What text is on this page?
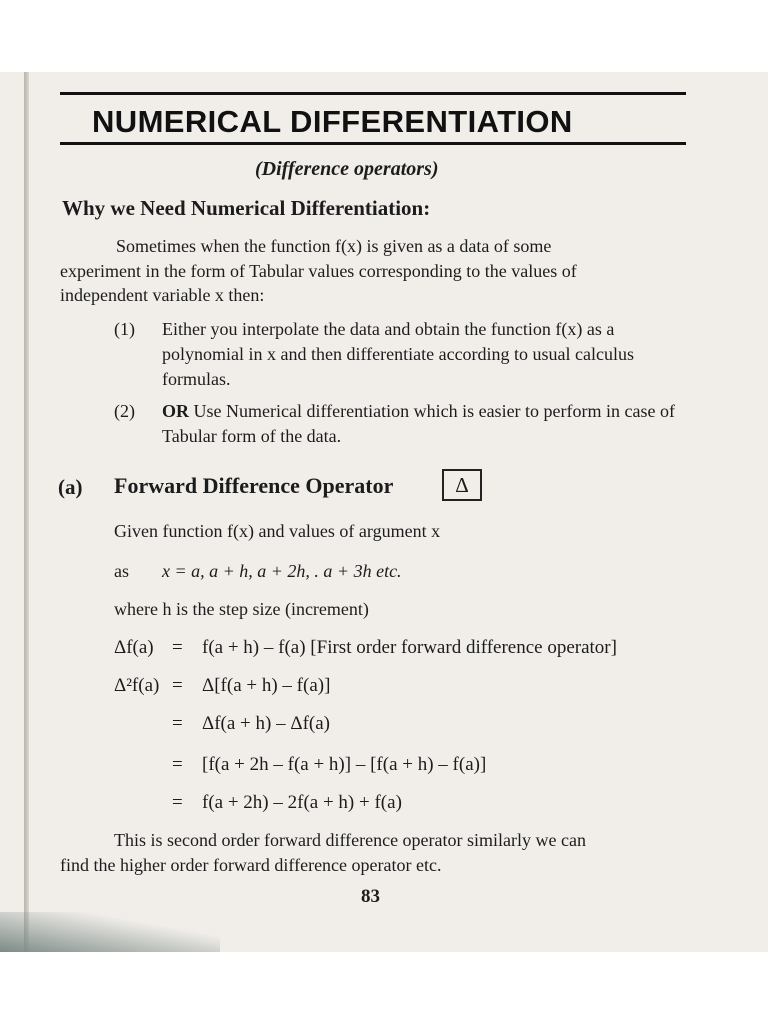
NUMERICAL DIFFERENTIATION

(Difference operators)

Why we Need Numerical Differentiation:

Sometimes when the function f(x) is given as a data of some

experiment in the form of Tabular values corresponding to the values of

independent variable x then:

(1)	Either you interpolate the data and obtain the function f(x) as a polynomial in x and then differentiate according to usual calculus formulas.
(2)	OR Use Numerical differentiation which is easier to perform in case of Tabular form of the data.
(a) Forward Difference Operator	Δ
Given function f(x) and values of argument x
as x = a, a + h, a + 2h, . a + 3h etc.
where h is the step size (increment)
Δf(a) = f(a + h) – f(a) [First order forward difference operator]
Δ²f(a) = Δ[f(a + h) – f(a)]
= Δf(a + h) – Δf(a)
= [f(a + 2h – f(a + h)] – [f(a + h) – f(a)]
= f(a + 2h) – 2f(a + h) + f(a)

This is second order forward difference operator similarly we can

find the higher order forward difference operator etc.

83
